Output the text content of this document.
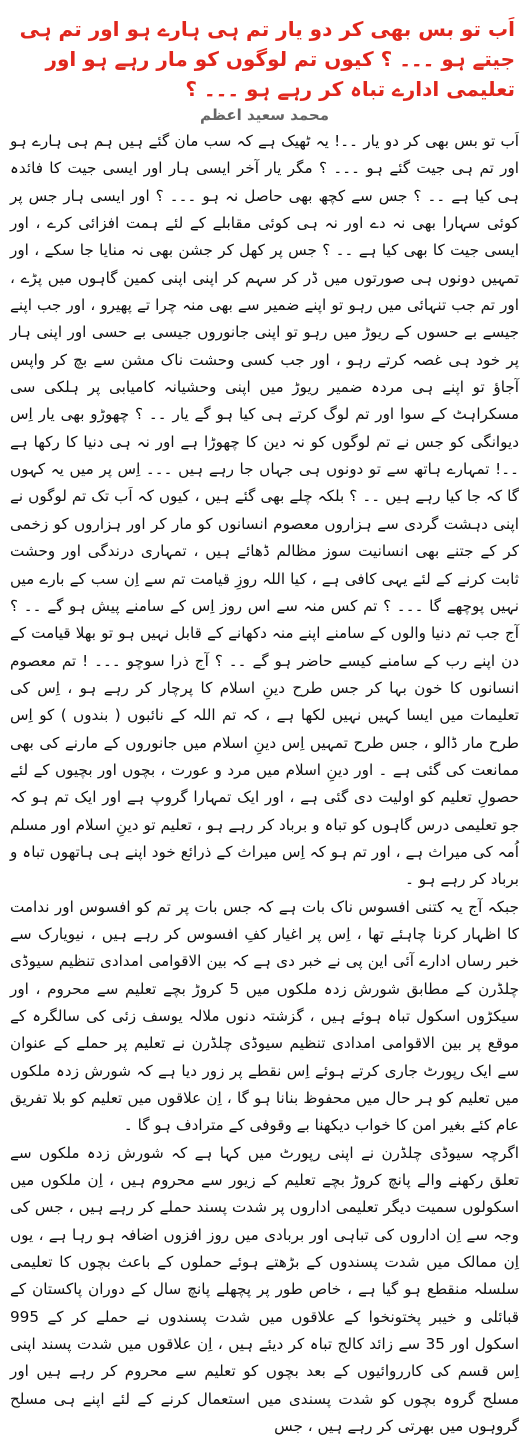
اَب تو بس بھی کر دو یار تم ہی ہارے ہو اور تم ہی جیتے ہو ۔۔۔ ؟ کیوں تم لوگوں کو مار رہے ہو اور تعلیمی ادارے تباہ کر رہے ہو ۔۔۔ ؟
محمد سعید اعظم

اَب تو بس بھی کر دو یار ۔۔! یہ ٹھیک ہے کہ سب مان گئے ہیں ہم ہی ہارے ہو اور تم ہی جیت گئے ہو ۔۔۔ ؟ مگر یار آخر ایسی ہار اور ایسی جیت کا فائدہ ہی کیا ہے ۔۔ ؟ جس سے کچھ بھی حاصل نہ ہو ۔۔۔ ؟ اور ایسی ہار جس پر کوئی سہارا بھی نہ دے اور نہ ہی کوئی مقابلے کے لئے ہمت افزائی کرے ، اور ایسی جیت کا بھی کیا ہے ۔۔ ؟ جس پر کھل کر جشن بھی نہ منایا جا سکے ، اور تمہیں دونوں ہی صورتوں میں ڈر کر سہم کر اپنی اپنی کمین گاہوں میں پڑے ، اور تم جب تنہائی میں رہو تو اپنے ضمیر سے بھی منہ چرا تے پھیرو ، اور جب اپنے جیسے بے حسوں کے ریوڑ میں رہو تو اپنی جانوروں جیسی بے حسی اور اپنی ہار پر خود ہی غصہ کرتے رہو ، اور جب کسی وحشت ناک مشن سے بچ کر واپس آجاؤ تو اپنے ہی مردہ ضمیر ریوڑ میں اپنی وحشیانہ کامیابی پر ہلکی سی مسکراہٹ کے سوا اور تم لوگ کرتے ہی کیا ہو گے یار ۔۔ ؟ چھوڑو بھی یار اِس دیوانگی کو جس نے تم لوگوں کو نہ دین کا چھوڑا ہے اور نہ ہی دنیا کا رکھا ہے ۔۔! تمہارے ہاتھ سے تو دونوں ہی جہاں جا رہے ہیں ۔۔۔ اِس پر میں یہ کہوں گا کہ جا کیا رہے ہیں ۔۔ ؟ بلکہ چلے بھی گئے ہیں ، کیوں کہ اَب تک تم لوگوں نے اپنی دہشت گردی سے ہزاروں معصوم انسانوں کو مار کر اور ہزاروں کو زخمی کر کے جتنے بھی انسانیت سوز مظالم ڈھائے ہیں ، تمہاری درندگی اور وحشت ثابت کرنے کے لئے یہی کافی ہے ، کیا اللہ روزِ قیامت تم سے اِن سب کے بارے میں نہیں پوچھے گا ۔۔۔ ؟ تم کس منہ سے اس روز اِس کے سامنے پیش ہو گے ۔۔ ؟ آج جب تم دنیا والوں کے سامنے اپنے منہ دکھانے کے قابل نہیں ہو تو بھلا قیامت کے دن اپنے رب کے سامنے کیسے حاضر ہو گے ۔۔ ؟ آج ذرا سوچو ۔۔۔ ! تم معصوم انسانوں کا خون بہا کر جس طرح دینِ اسلام کا پرچار کر رہے ہو ، اِس کی تعلیمات میں ایسا کہیں نہیں لکھا ہے ، کہ تم اللہ کے نائبوں ( بندوں ) کو اِس طرح مار ڈالو ، جس طرح تمہیں اِس دینِ اسلام میں جانوروں کے مارنے کی بھی ممانعت کی گئی ہے ۔ اور دینِ اسلام میں مرد و عورت ، بچوں اور بچیوں کے لئے حصولِ تعلیم کو اولیت دی گئی ہے ، اور ایک تمہارا گروپ ہے اور ایک تم ہو کہ جو تعلیمی درس گاہوں کو تباہ و برباد کر رہے ہو ، تعلیم تو دینِ اسلام اور مسلم اُمہ کی میراث ہے ، اور تم ہو کہ اِس میراث کے ذرائع خود اپنے ہی ہاتھوں تباہ و برباد کر رہے ہو ۔

جبکہ آج یہ کتنی افسوس ناک بات ہے کہ جس بات پر تم کو افسوس اور ندامت کا اظہار کرنا چاہئے تھا ، اِس پر اغیار کفِ افسوس کر رہے ہیں ، نیویارک سے خبر رساں ادارے آئی این پی نے خبر دی ہے کہ بین الاقوامی امدادی تنظیم سیوڈی چلڈرن کے مطابق شورش زدہ ملکوں میں 5 کروڑ بچے تعلیم سے محروم ، اور سیکڑوں اسکول تباہ ہوئے ہیں ، گزشتہ دنوں ملالہ یوسف زئی کی سالگرہ کے موقع پر بین الاقوامی امدادی تنظیم سیوڈی چلڈرن نے تعلیم پر حملے کے عنوان سے ایک رپورٹ جاری کرتے ہوئے اِس نقطے پر زور دیا ہے کہ شورش زدہ ملکوں میں تعلیم کو ہر حال میں محفوظ بنانا ہو گا ، اِن علاقوں میں تعلیم کو بلا تفریق عام کئے بغیر امن کا خواب دیکھنا بے وقوفی کے مترادف ہو گا ۔

اگرچہ سیوڈی چلڈرن نے اپنی رپورٹ میں کہا ہے کہ شورش زدہ ملکوں سے تعلق رکھنے والے پانچ کروڑ بچے تعلیم کے زیور سے محروم ہیں ، اِن ملکوں میں اسکولوں سمیت دیگر تعلیمی اداروں پر شدت پسند حملے کر رہے ہیں ، جس کی وجہ سے اِن اداروں کی تباہی اور بربادی میں روز افزوں اضافہ ہو رہا ہے ، یوں اِن ممالک میں شدت پسندوں کے بڑھتے ہوئے حملوں کے باعث بچوں کا تعلیمی سلسلہ منقطع ہو گیا ہے ، خاص طور پر پچھلے پانچ سال کے دوران پاکستان کے قبائلی و خیبر پختونخوا کے علاقوں میں شدت پسندوں نے حملے کر کے 995 اسکول اور 35 سے زائد کالج تباہ کر دیئے ہیں ، اِن علاقوں میں شدت پسند اپنی اِس قسم کی کارروائیوں کے بعد بچوں کو تعلیم سے محروم کر رہے ہیں اور مسلح گروہ بچوں کو شدت پسندی میں استعمال کرنے کے لئے اپنے ہی مسلح گروہوں میں بھرتی کر رہے ہیں ، جس
